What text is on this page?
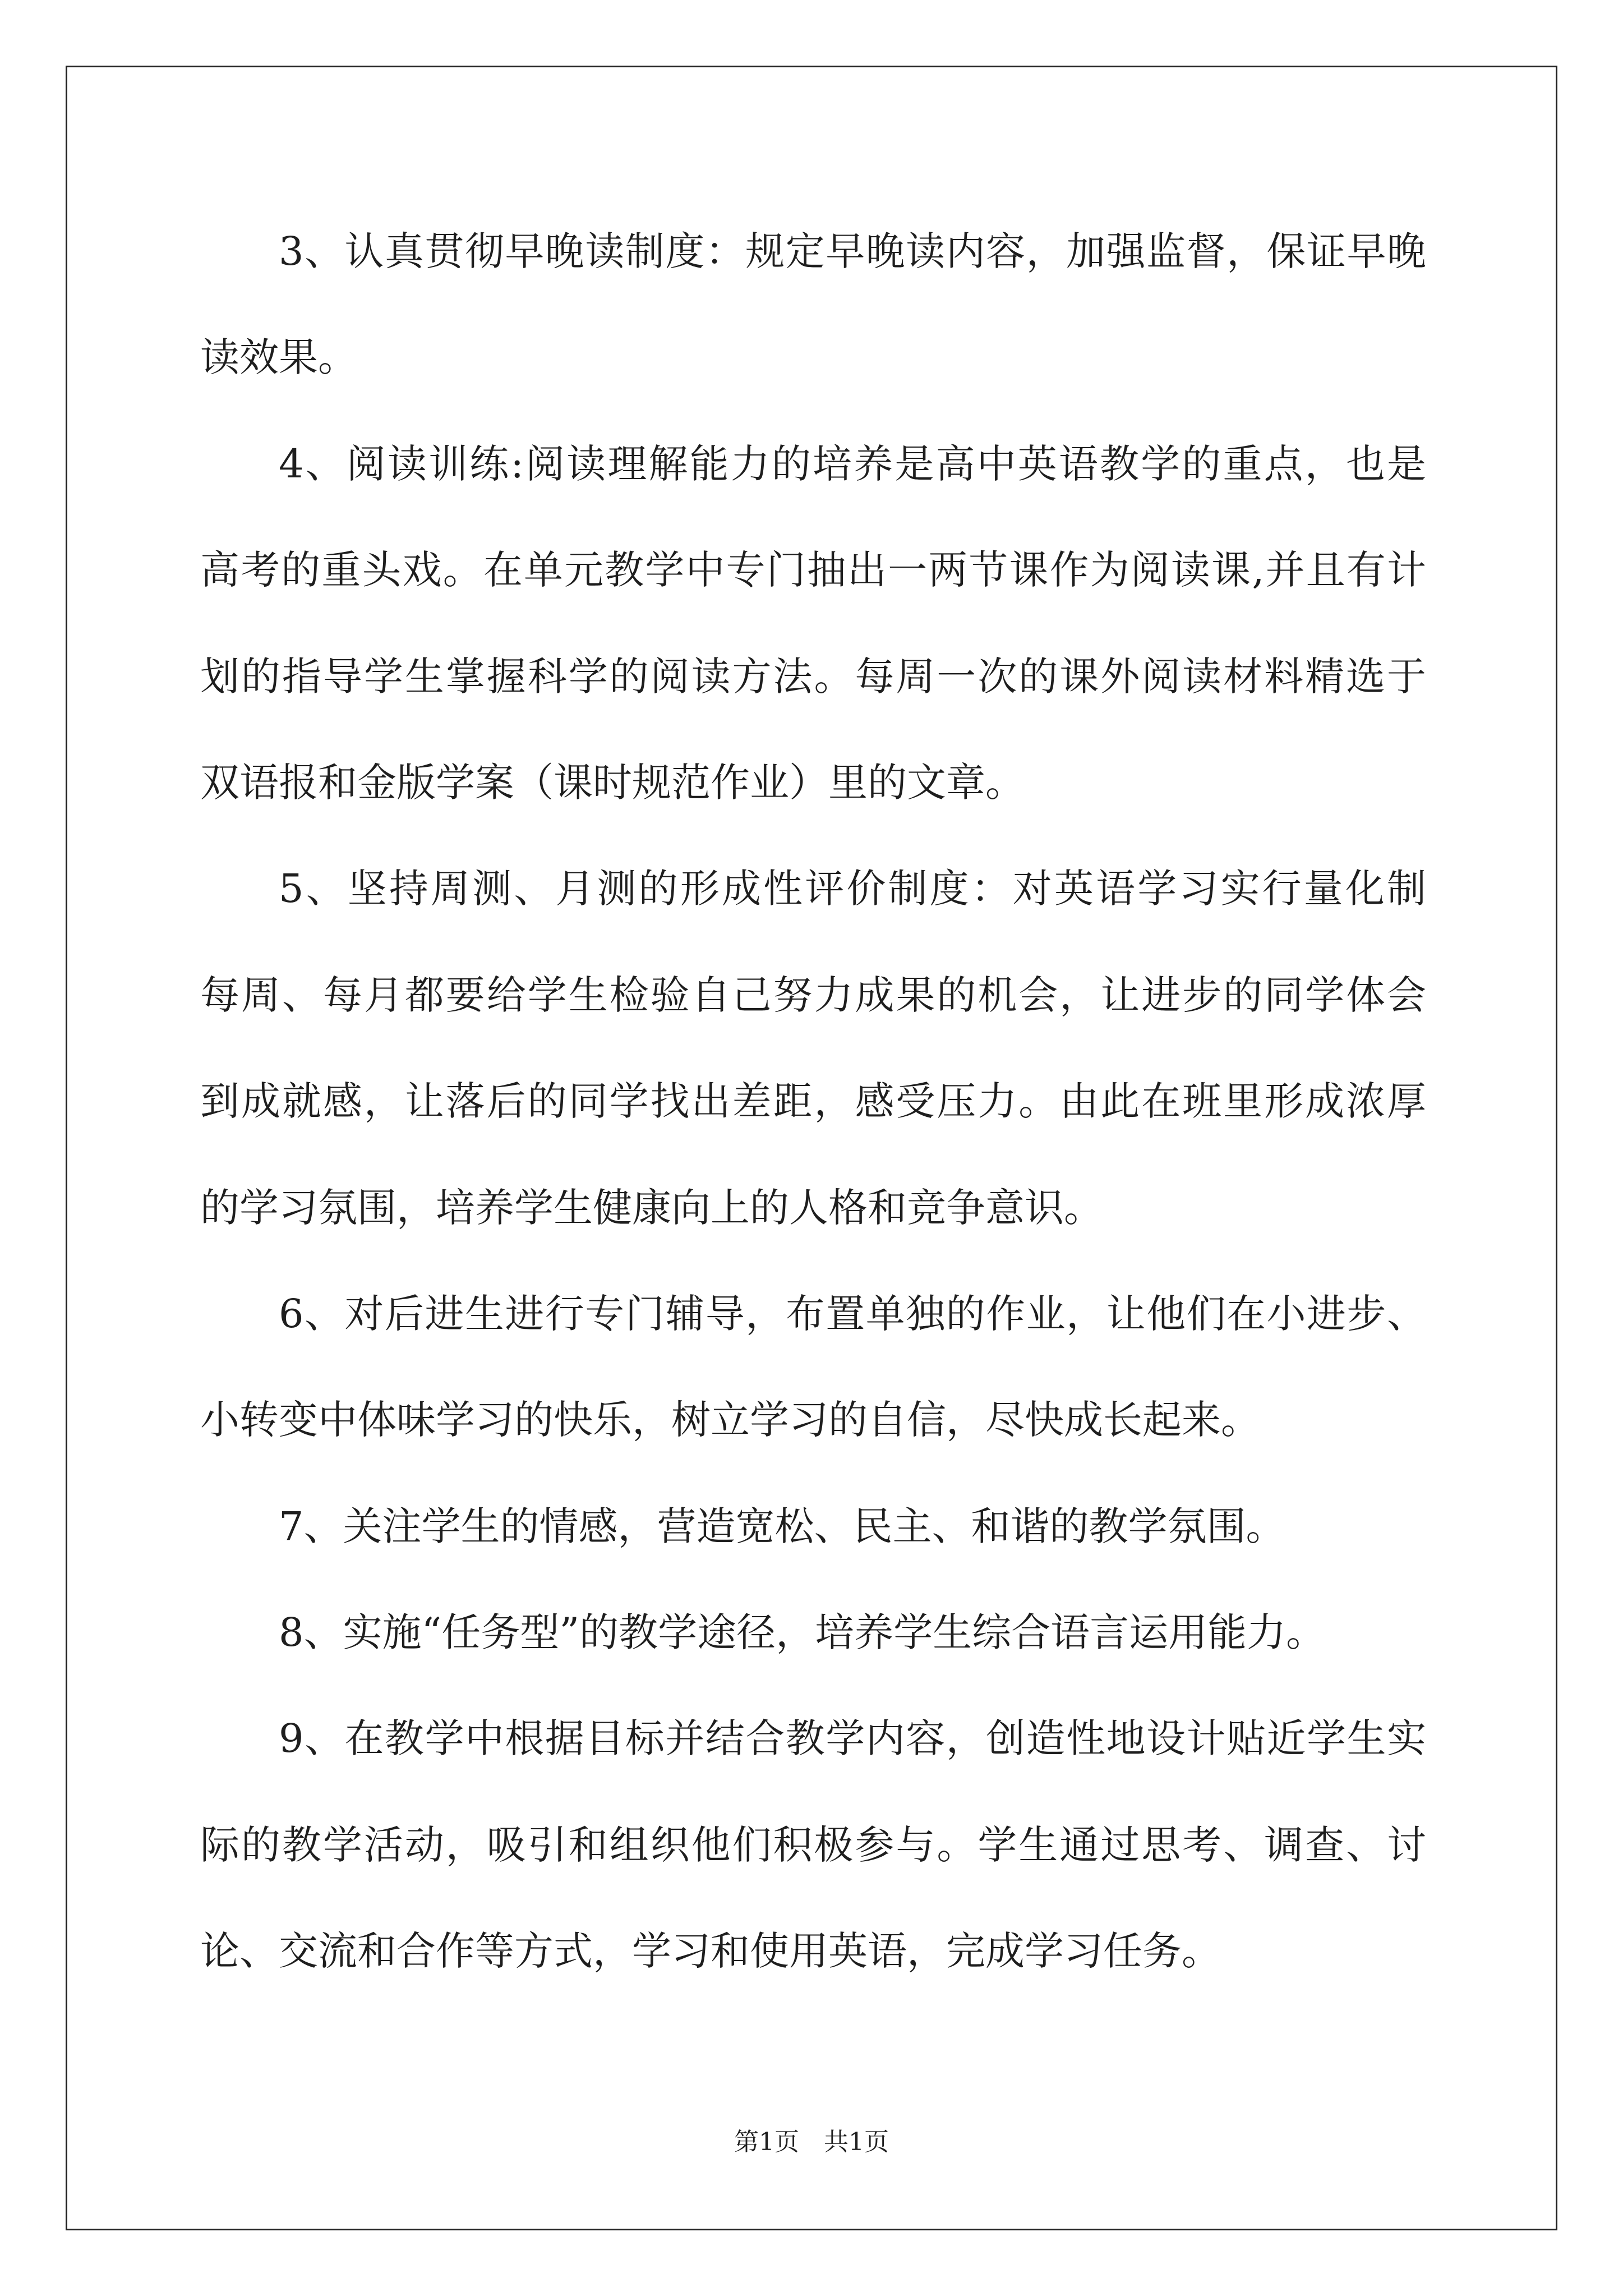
3、认真贯彻早晚读制度：规定早晚读内容，加强监督，保证早晚
读效果。
4、阅读训练:阅读理解能力的培养是高中英语教学的重点，也是
高考的重头戏。在单元教学中专门抽出一两节课作为阅读课,并且有计
划的指导学生掌握科学的阅读方法。每周一次的课外阅读材料精选于
双语报和金版学案（课时规范作业）里的文章。
5、坚持周测、月测的形成性评价制度：对英语学习实行量化制
每周、每月都要给学生检验自己努力成果的机会，让进步的同学体会
到成就感，让落后的同学找出差距，感受压力。由此在班里形成浓厚
的学习氛围，培养学生健康向上的人格和竞争意识。
6、对后进生进行专门辅导，布置单独的作业，让他们在小进步、
小转变中体味学习的快乐，树立学习的自信，尽快成长起来。
7、关注学生的情感，营造宽松、民主、和谐的教学氛围。
8、实施“任务型”的教学途径，培养学生综合语言运用能力。
9、在教学中根据目标并结合教学内容，创造性地设计贴近学生实
际的教学活动，吸引和组织他们积极参与。学生通过思考、调查、讨
论、交流和合作等方式，学习和使用英语，完成学习任务。
第1页　共1页
